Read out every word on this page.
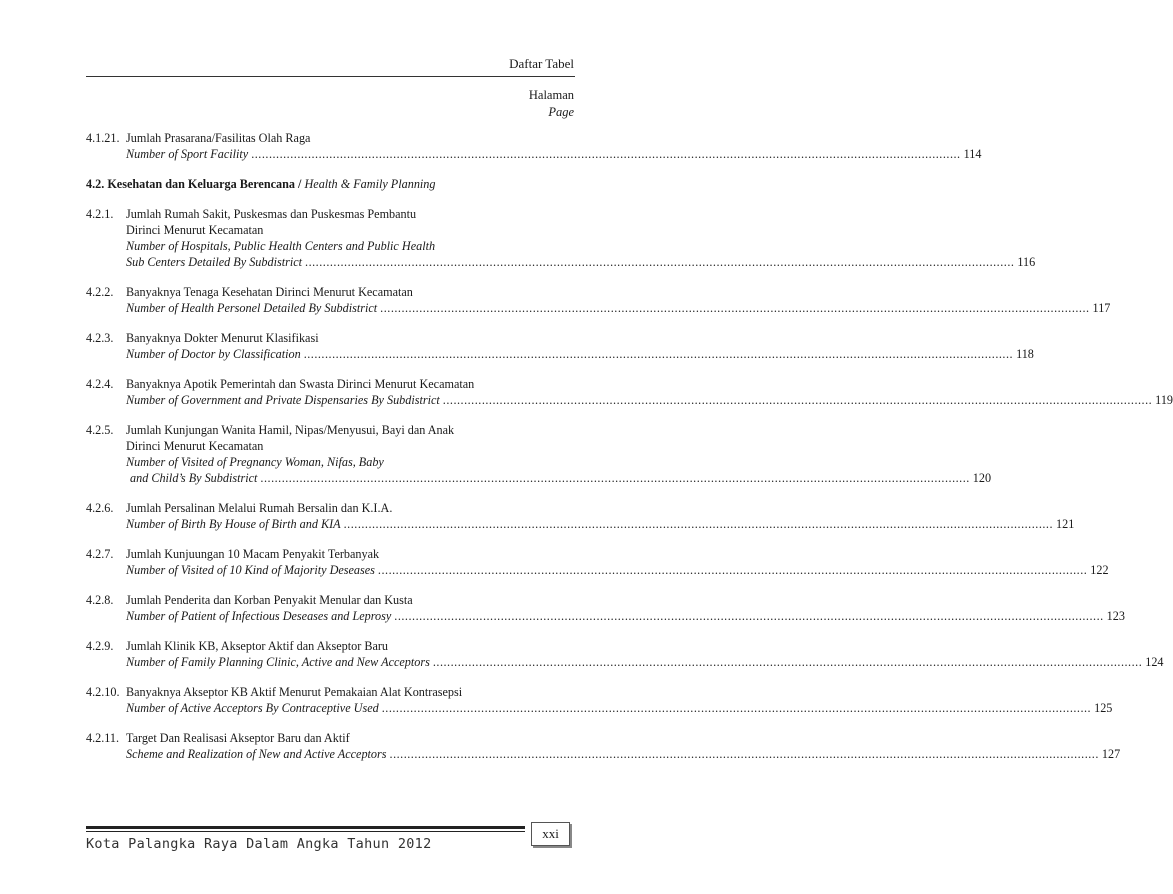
Daftar Tabel
Halaman
Page
4.1.21. Jumlah Prasarana/Fasilitas Olah Raga
Number of Sport Facility ........................................................................................................................................................................................................ 114
4.2. Kesehatan dan Keluarga Berencana / Health & Family Planning
4.2.1.	Jumlah Rumah Sakit, Puskesmas dan Puskesmas Pembantu
Dirinci Menurut Kecamatan
Number of Hospitals, Public Health Centers and Public Health
Sub Centers Detailed By Subdistrict ........................................................................................................................................................................................................ 116
4.2.2.	Banyaknya Tenaga Kesehatan Dirinci Menurut Kecamatan
Number of Health Personel Detailed By Subdistrict ........................................................................................................................................................................................................ 117
4.2.3.	Banyaknya Dokter Menurut Klasifikasi
Number of Doctor by Classification ........................................................................................................................................................................................................ 118
4.2.4.	Banyaknya Apotik Pemerintah dan Swasta Dirinci Menurut Kecamatan
Number of Government and Private Dispensaries By Subdistrict ........................................................................................................................................................................................................ 119
4.2.5.	Jumlah Kunjungan Wanita Hamil, Nipas/Menyusui, Bayi dan Anak
Dirinci Menurut Kecamatan
Number of Visited of Pregnancy Woman, Nifas, Baby
and Child’s By Subdistrict ........................................................................................................................................................................................................ 120
4.2.6.	Jumlah Persalinan Melalui Rumah Bersalin dan K.I.A.
Number of Birth By House of Birth and KIA ........................................................................................................................................................................................................ 121
4.2.7.	Jumlah Kunjuungan 10 Macam Penyakit Terbanyak
Number of Visited of 10 Kind of Majority Deseases ........................................................................................................................................................................................................ 122
4.2.8.	Jumlah Penderita dan Korban Penyakit Menular dan Kusta
Number of Patient of Infectious Deseases and Leprosy ........................................................................................................................................................................................................ 123
4.2.9.	Jumlah Klinik KB, Akseptor Aktif dan Akseptor Baru
Number of Family Planning Clinic, Active and New Acceptors ........................................................................................................................................................................................................ 124
4.2.10. Banyaknya Akseptor KB Aktif Menurut Pemakaian Alat Kontrasepsi
Number of Active Acceptors By Contraceptive Used ........................................................................................................................................................................................................ 125
4.2.11. Target Dan Realisasi Akseptor Baru dan Aktif
Scheme and Realization of New and Active Acceptors ........................................................................................................................................................................................................ 127
Kota Palangka Raya Dalam Angka Tahun 2012
xxi
